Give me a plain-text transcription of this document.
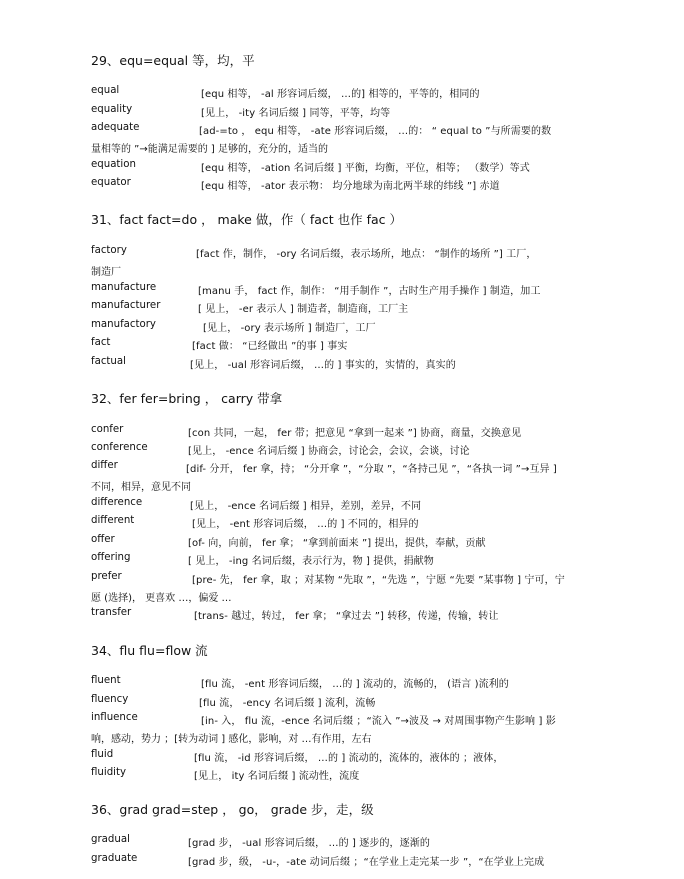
29、equ=equal 等，均，平
equal	[equ 相等， -al 形容词后缀， …的] 相等的，平等的，相同的
equality	[见上， -ity 名词后缀 ] 同等，平等，均等
adequate	[ad-=to ， equ 相等， -ate 形容词后缀， …的： “ equal to ”与所需要的数
量相等的 ”→能满足需要的 ] 足够的，充分的，适当的
equation	[equ 相等， -ation 名词后缀 ] 平衡，均衡，平位，相等； （数学）等式
equator	[equ 相等， -ator 表示物： 均分地球为南北两半球的纬线 ”] 赤道
31、fact fact=do ， make 做，作（ fact 也作 fac ）
factory	[fact 作，制作， -ory 名词后缀，表示场所，地点： “制作的场所 ”] 工厂，
制造厂
manufacture	[manu 手， fact 作，制作： “用手制作 ”，古时生产用手操作 ] 制造，加工
manufacturer	[ 见上， -er 表示人 ] 制造者，制造商，工厂主
manufactory	[见上， -ory 表示场所 ] 制造厂，工厂
fact	[fact 做： “已经做出 ”的事 ] 事实
factual	[见上， -ual 形容词后缀， …的 ] 事实的，实情的，真实的
32、fer fer=bring ， carry 带拿
confer	[con 共同，一起， fer 带；把意见 “拿到一起来 ”] 协商，商量，交换意见
conference	[见上， -ence 名词后缀 ] 协商会，讨论会，会议，会谈，讨论
differ	[dif- 分开， fer 拿，持； “分开拿 ”，“分取 ”，“各持己见 ”，“各执一词 ”→互异 ]
不同，相异，意见不同
difference	[见上， -ence 名词后缀 ] 相异，差别，差异，不同
different	[见上， -ent 形容词后缀， …的 ] 不同的，相异的
offer	[of- 向，向前， fer 拿； “拿到前面来 ”] 提出，提供，奉献，贡献
offering	[ 见上， -ing 名词后缀，表示行为，物 ] 提供，捐献物
prefer	[pre- 先， fer 拿，取 ；对某物 “先取 ”，“先选 ”，宁愿 “先要 ”某事物 ] 宁可，宁
愿 (选择)， 更喜欢 …，偏爱 …
transfer	[trans- 越过，转过， fer 拿； “拿过去 ”] 转移，传递，传输，转让
34、flu flu=flow 流
fluent	[flu 流， -ent 形容词后缀， …的 ] 流动的，流畅的， (语言 )流利的
fluency	[flu 流， -ency 名词后缀 ] 流利，流畅
influence	[in- 入， flu 流，-ence 名词后缀 ；“流入 ”→波及 → 对周围事物产生影响 ] 影
响，感动，势力 ；[转为动词 ] 感化，影响，对 …有作用，左右
fluid	[flu 流， -id 形容词后缀， …的 ] 流动的，流体的，液体的 ；液体，
fluidity	[见上， ity 名词后缀 ] 流动性，流度
36、grad grad=step ， go， grade 步，走，级
gradual	[grad 步， -ual 形容词后缀， …的 ] 逐步的，逐渐的
graduate	[grad 步，级， -u-，-ate 动词后缀 ；“在学业上走完某一步 ”，“在学业上完成
